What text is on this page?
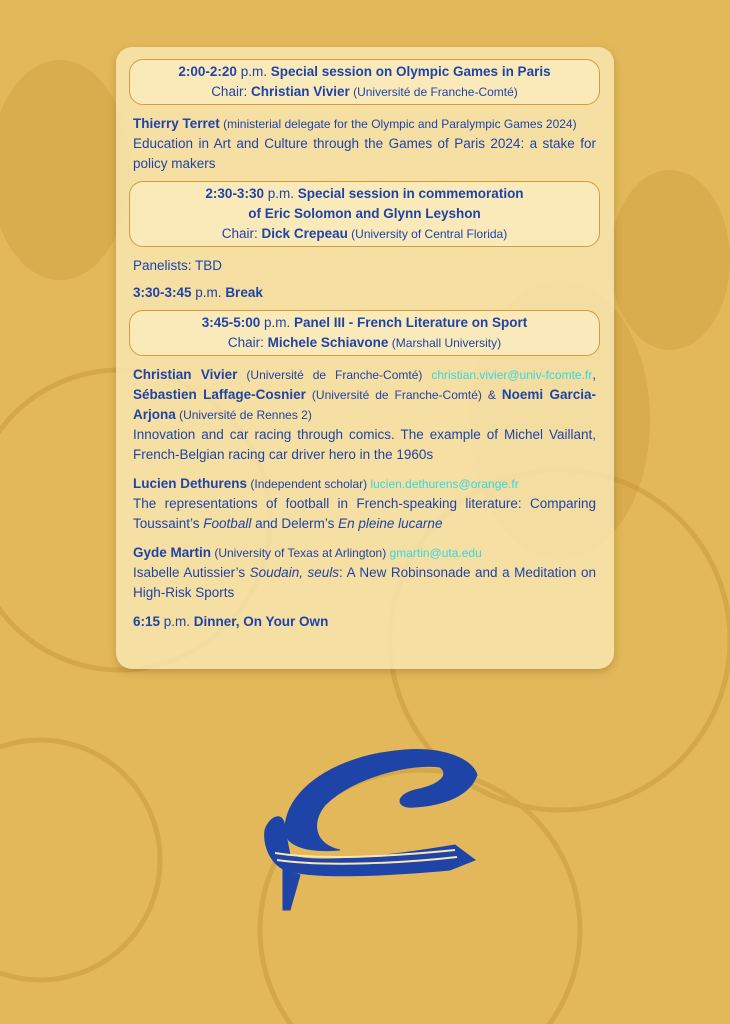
2:00-2:20 p.m. Special session on Olympic Games in Paris
Chair: Christian Vivier (Université de Franche-Comté)
Thierry Terret (ministerial delegate for the Olympic and Paralympic Games 2024)
Education in Art and Culture through the Games of Paris 2024: a stake for policy makers
2:30-3:30 p.m. Special session in commemoration
of Eric Solomon and Glynn Leyshon
Chair: Dick Crepeau (University of Central Florida)
Panelists: TBD
3:30-3:45 p.m. Break
3:45-5:00 p.m. Panel III - French Literature on Sport
Chair: Michele Schiavone (Marshall University)
Christian Vivier (Université de Franche-Comté) christian.vivier@univ-fcomte.fr, Sébastien Laffage-Cosnier (Université de Franche-Comté) & Noemi Garcia-Arjona (Université de Rennes 2)
Innovation and car racing through comics. The example of Michel Vaillant, French-Belgian racing car driver hero in the 1960s
Lucien Dethurens (Independent scholar) lucien.dethurens@orange.fr
The representations of football in French-speaking literature: Comparing Toussaint’s Football and Delerm’s En pleine lucarne
Gyde Martin (University of Texas at Arlington) gmartin@uta.edu
Isabelle Autissier’s Soudain, seuls: A New Robinsonade and a Meditation on High-Risk Sports
6:15 p.m. Dinner, On Your Own
